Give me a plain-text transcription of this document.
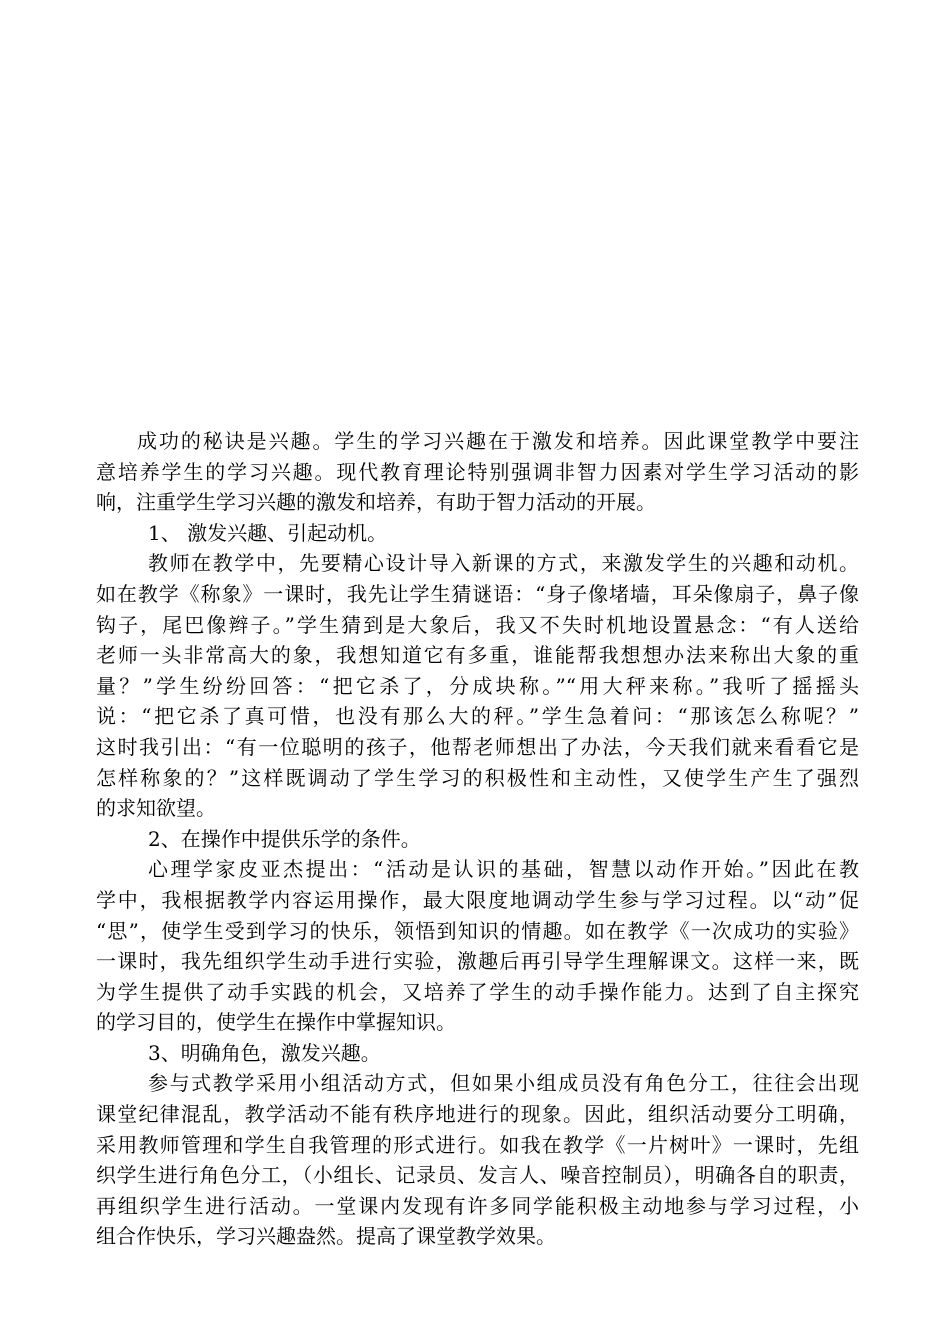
成功的秘诀是兴趣。学生的学习兴趣在于激发和培养。因此课堂教学中要注
意培养学生的学习兴趣。现代教育理论特别强调非智力因素对学生学习活动的影
响，注重学生学习兴趣的激发和培养，有助于智力活动的开展。
1、 激发兴趣、引起动机。
教师在教学中，先要精心设计导入新课的方式，来激发学生的兴趣和动机。
如在教学《称象》一课时，我先让学生猜谜语：“身子像堵墙，耳朵像扇子，鼻子像
钩子，尾巴像辫子。”学生猜到是大象后，我又不失时机地设置悬念：“有人送给
老师一头非常高大的象，我想知道它有多重，谁能帮我想想办法来称出大象的重
量？”学生纷纷回答：“把它杀了，分成块称。”“用大秤来称。”我听了摇摇头
说：“把它杀了真可惜，也没有那么大的秤。”学生急着问：“那该怎么称呢？”
这时我引出：“有一位聪明的孩子，他帮老师想出了办法，今天我们就来看看它是
怎样称象的？”这样既调动了学生学习的积极性和主动性，又使学生产生了强烈
的求知欲望。
2、在操作中提供乐学的条件。
心理学家皮亚杰提出：“活动是认识的基础，智慧以动作开始。”因此在教
学中，我根据教学内容运用操作，最大限度地调动学生参与学习过程。以“动”促
“思”，使学生受到学习的快乐，领悟到知识的情趣。如在教学《一次成功的实验》
一课时，我先组织学生动手进行实验，激趣后再引导学生理解课文。这样一来，既
为学生提供了动手实践的机会，又培养了学生的动手操作能力。达到了自主探究
的学习目的，使学生在操作中掌握知识。
3、明确角色，激发兴趣。
参与式教学采用小组活动方式，但如果小组成员没有角色分工，往往会出现
课堂纪律混乱，教学活动不能有秩序地进行的现象。因此，组织活动要分工明确，
采用教师管理和学生自我管理的形式进行。如我在教学《一片树叶》一课时，先组
织学生进行角色分工，（小组长、记录员、发言人、噪音控制员），明确各自的职责，
再组织学生进行活动。一堂课内发现有许多同学能积极主动地参与学习过程，小
组合作快乐，学习兴趣盎然。提高了课堂教学效果。
